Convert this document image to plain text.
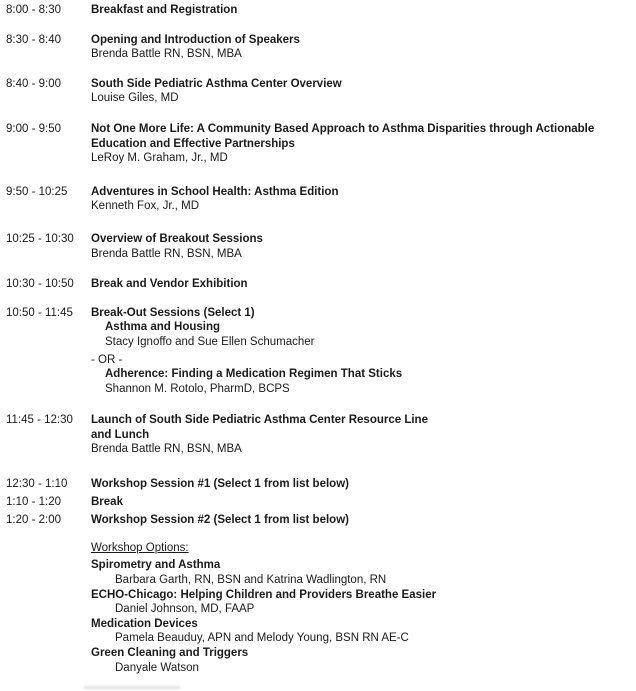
8:00 - 8:30	Breakfast and Registration
8:30 - 8:40	Opening and Introduction of Speakers
Brenda Battle RN, BSN, MBA
8:40 - 9:00	South Side Pediatric Asthma Center Overview
Louise Giles, MD
9:00 - 9:50	Not One More Life: A Community Based Approach to Asthma Disparities through Actionable
Education and Effective Partnerships
LeRoy M. Graham, Jr., MD
9:50 - 10:25	Adventures in School Health: Asthma Edition
Kenneth Fox, Jr., MD
10:25 - 10:30	Overview of Breakout Sessions
Brenda Battle RN, BSN, MBA
10:30 - 10:50	Break and Vendor Exhibition
10:50 - 11:45	Break-Out Sessions (Select 1)
Asthma and Housing
Stacy Ignoffo and Sue Ellen Schumacher
- OR -
Adherence: Finding a Medication Regimen That Sticks
Shannon M. Rotolo, PharmD, BCPS
11:45 - 12:30	Launch of South Side Pediatric Asthma Center Resource Line
and Lunch
Brenda Battle RN, BSN, MBA
12:30 - 1:10	Workshop Session #1 (Select 1 from list below)
1:10 - 1:20	Break
1:20 - 2:00	Workshop Session #2 (Select 1 from list below)
Workshop Options:
Spirometry and Asthma
Barbara Garth, RN, BSN and Katrina Wadlington, RN
ECHO-Chicago: Helping Children and Providers Breathe Easier
Daniel Johnson, MD, FAAP
Medication Devices
Pamela Beauduy, APN and Melody Young, BSN RN AE-C
Green Cleaning and Triggers
Danyale Watson
